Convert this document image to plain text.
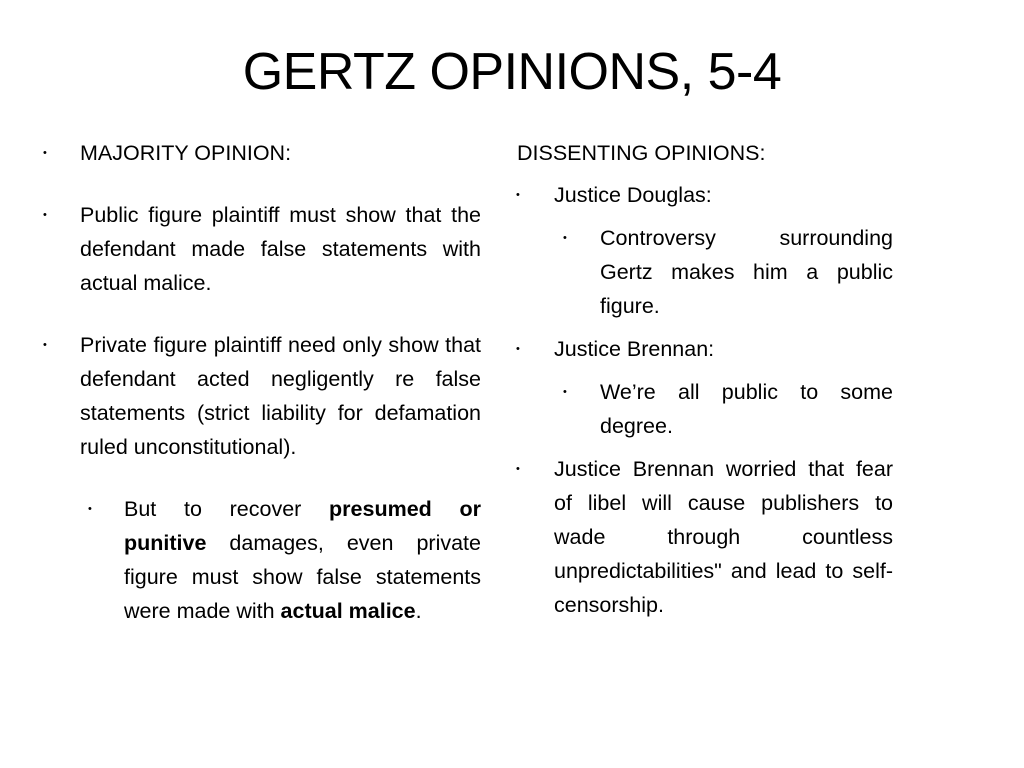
GERTZ OPINIONS, 5-4
• MAJORITY OPINION:
• Public figure plaintiff must show that the defendant made false statements with actual malice.
• Private figure plaintiff need only show that defendant acted negligently re false statements (strict liability for defamation ruled unconstitutional).
• But to recover presumed or punitive damages, even private figure must show false statements were made with actual malice.
DISSENTING OPINIONS:
• Justice Douglas:
• Controversy surrounding Gertz makes him a public figure.
• Justice Brennan:
• We’re all public to some degree.
• Justice Brennan worried that fear of libel will cause publishers to wade through countless unpredictabilities" and lead to self-censorship.
